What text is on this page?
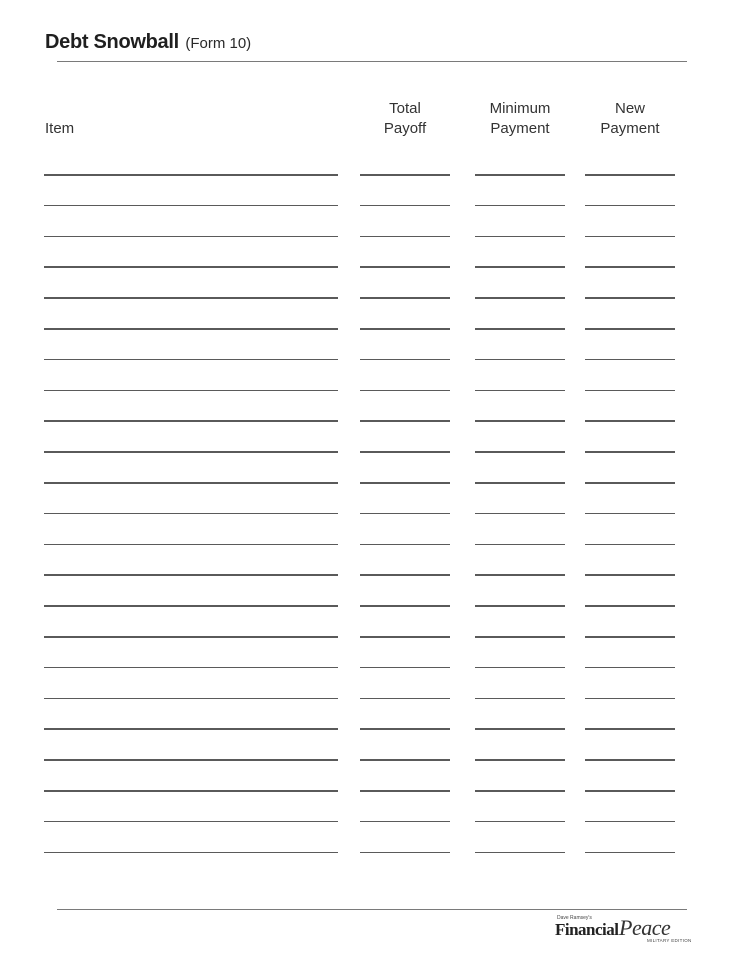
Debt Snowball (Form 10)
Item
Total
Payoff
Minimum
Payment
New
Payment
Dave Ramsey's
Financial Peace
MILITARY EDITION
